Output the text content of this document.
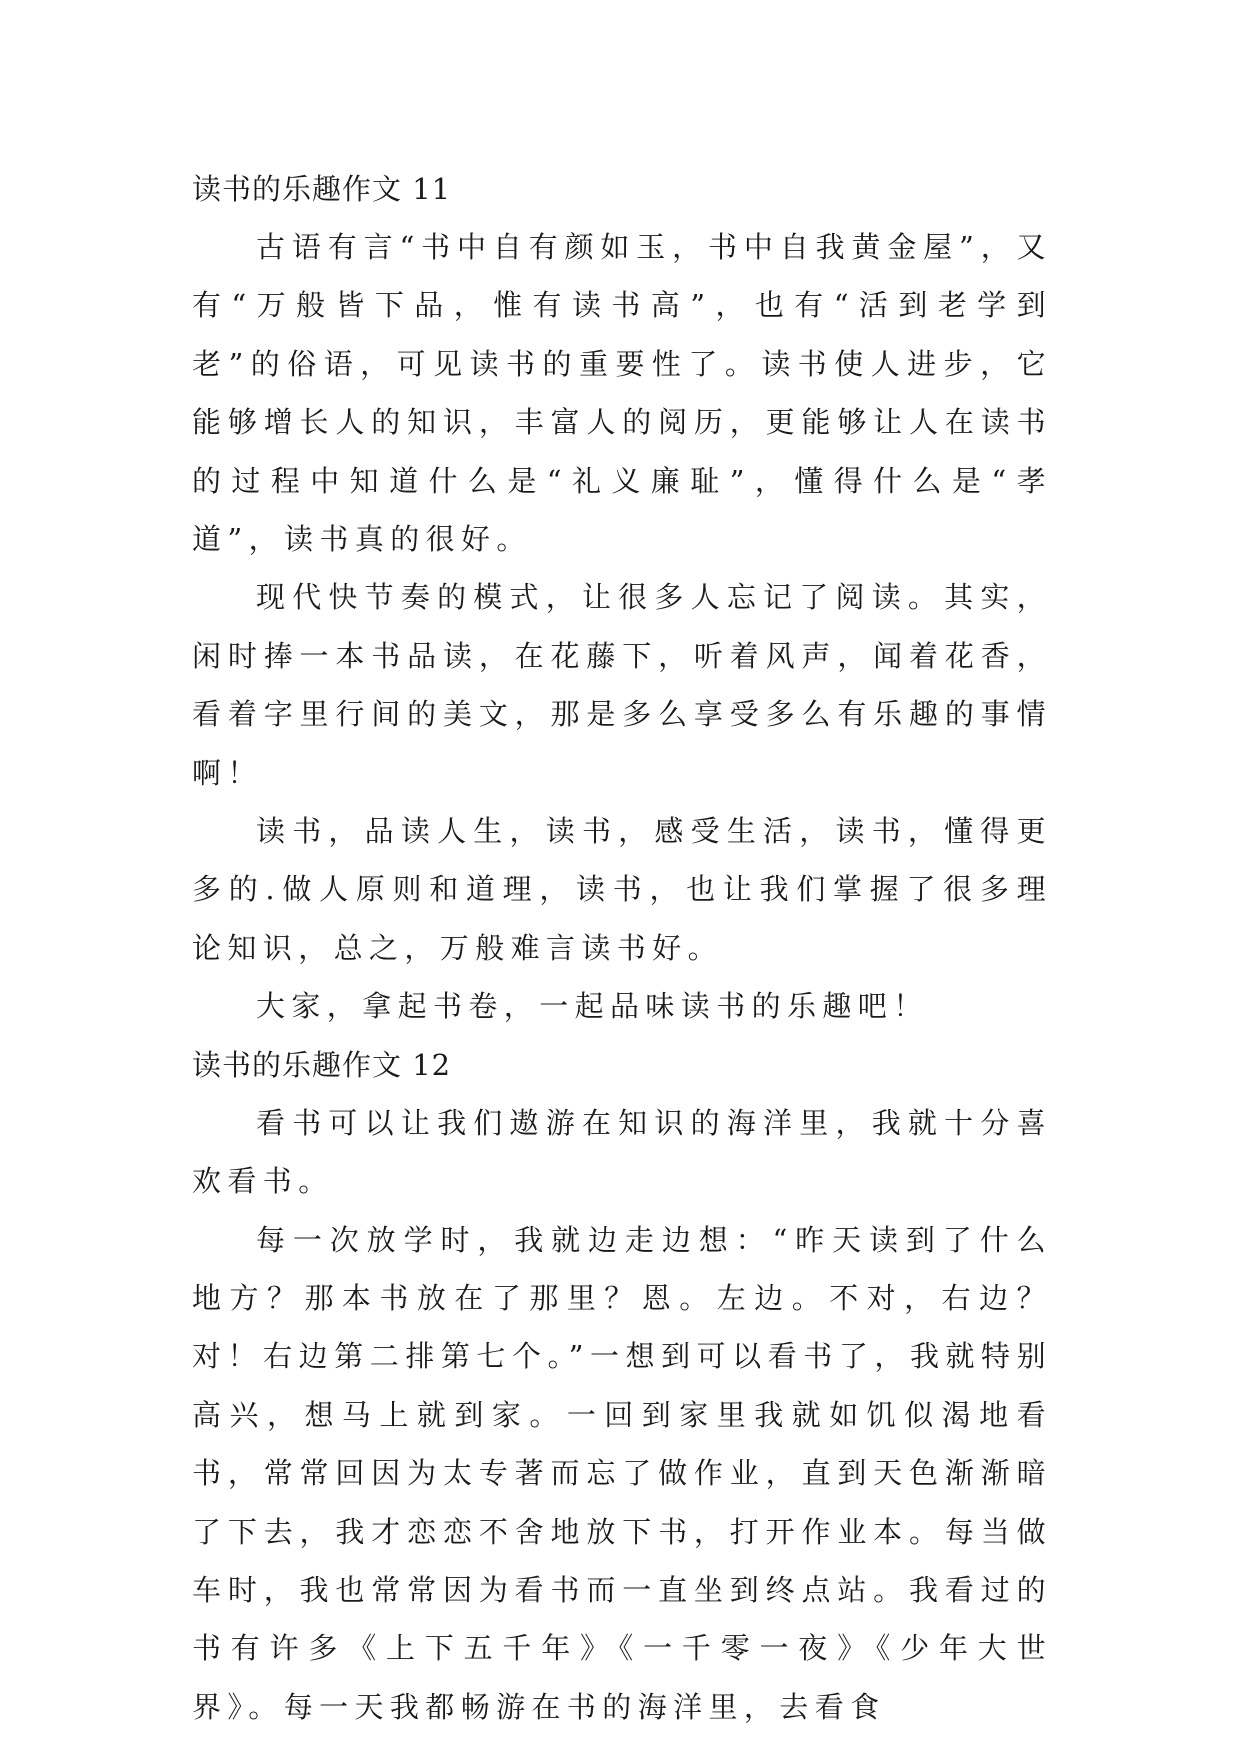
读书的乐趣作文 11

古语有言“书中自有颜如玉，书中自我黄金屋”，又有“万般皆下品，惟有读书高”，也有“活到老学到老”的俗语，可见读书的重要性了。读书使人进步，它能够增长人的知识，丰富人的阅历，更能够让人在读书的过程中知道什么是“礼义廉耻”，懂得什么是“孝道”，读书真的很好。

现代快节奏的模式，让很多人忘记了阅读。其实，闲时捧一本书品读，在花藤下，听着风声，闻着花香，看着字里行间的美文，那是多么享受多么有乐趣的事情啊！

读书，品读人生，读书，感受生活，读书，懂得更多的.做人原则和道理，读书，也让我们掌握了很多理论知识，总之，万般难言读书好。

大家，拿起书卷，一起品味读书的乐趣吧！

读书的乐趣作文 12

看书可以让我们遨游在知识的海洋里，我就十分喜欢看书。

每一次放学时，我就边走边想：“昨天读到了什么地方？那本书放在了那里？恩。左边。不对，右边？对！右边第二排第七个。”一想到可以看书了，我就特别高兴，想马上就到家。一回到家里我就如饥似渴地看书，常常回因为太专著而忘了做作业，直到天色渐渐暗了下去，我才恋恋不舍地放下书，打开作业本。每当做车时，我也常常因为看书而一直坐到终点站。我看过的书有许多《上下五千年》《一千零一夜》《少年大世界》。每一天我都畅游在书的海洋里，去看食
